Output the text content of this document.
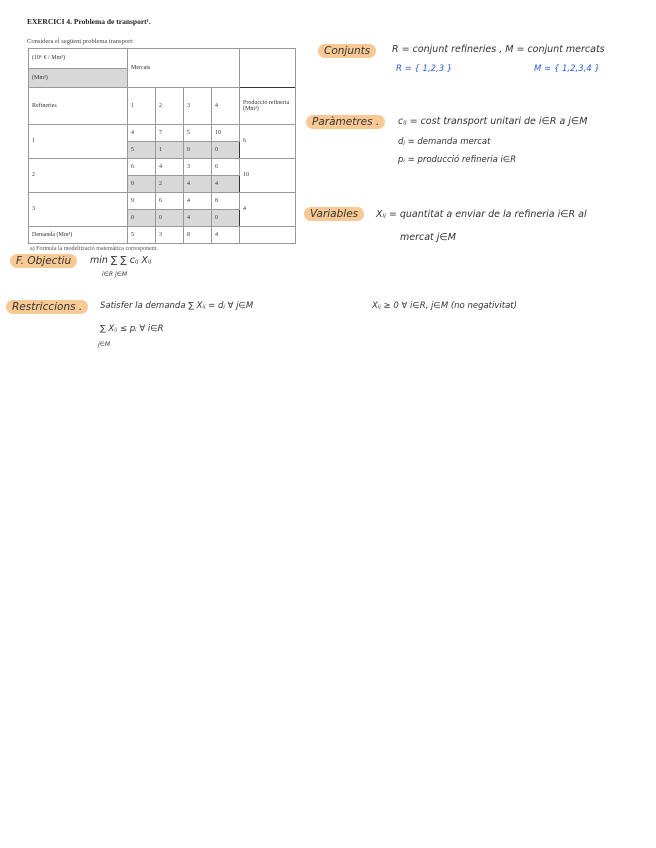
EXERCICI 4. Problema de transport¹.
Considera el següent problema transport:
(10⁶ € / Mm³)	Mercats				
(Mm³)					
Refineries	1	2	3	4	Producció refineria (Mm³)
1	4	7	5	10	6
	5	1	0	0	
2	6	4	3	6	10
	0	2	4	4	
3	9	6	4	8	4
	0	0	4	0	
Demanda (Mm³)	5	3	8	4	
a) Formula la modelització matemàtica corresponent.
Conjunts	R = conjunt refineries , M = conjunt mercats
R = { 1,2,3 }	M = { 1,2,3,4 }
Paràmetres .	cᵢⱼ = cost transport unitari de i∈R a j∈M
dⱼ = demanda mercat
pᵢ = producció refineria i∈R
Variables	Xᵢⱼ = quantitat a enviar de la refineria i∈R al
mercat j∈M
F. Objectiu	min ∑ ∑ cᵢⱼ Xᵢⱼ
i∈R j∈M
Restriccions .	Satisfer la demanda ∑ Xᵢⱼ = dⱼ ∀ j∈M	Xᵢⱼ ≥ 0 ∀ i∈R, j∈M (no negativitat)
∑ Xᵢⱼ ≤ pᵢ ∀ i∈R
j∈M
